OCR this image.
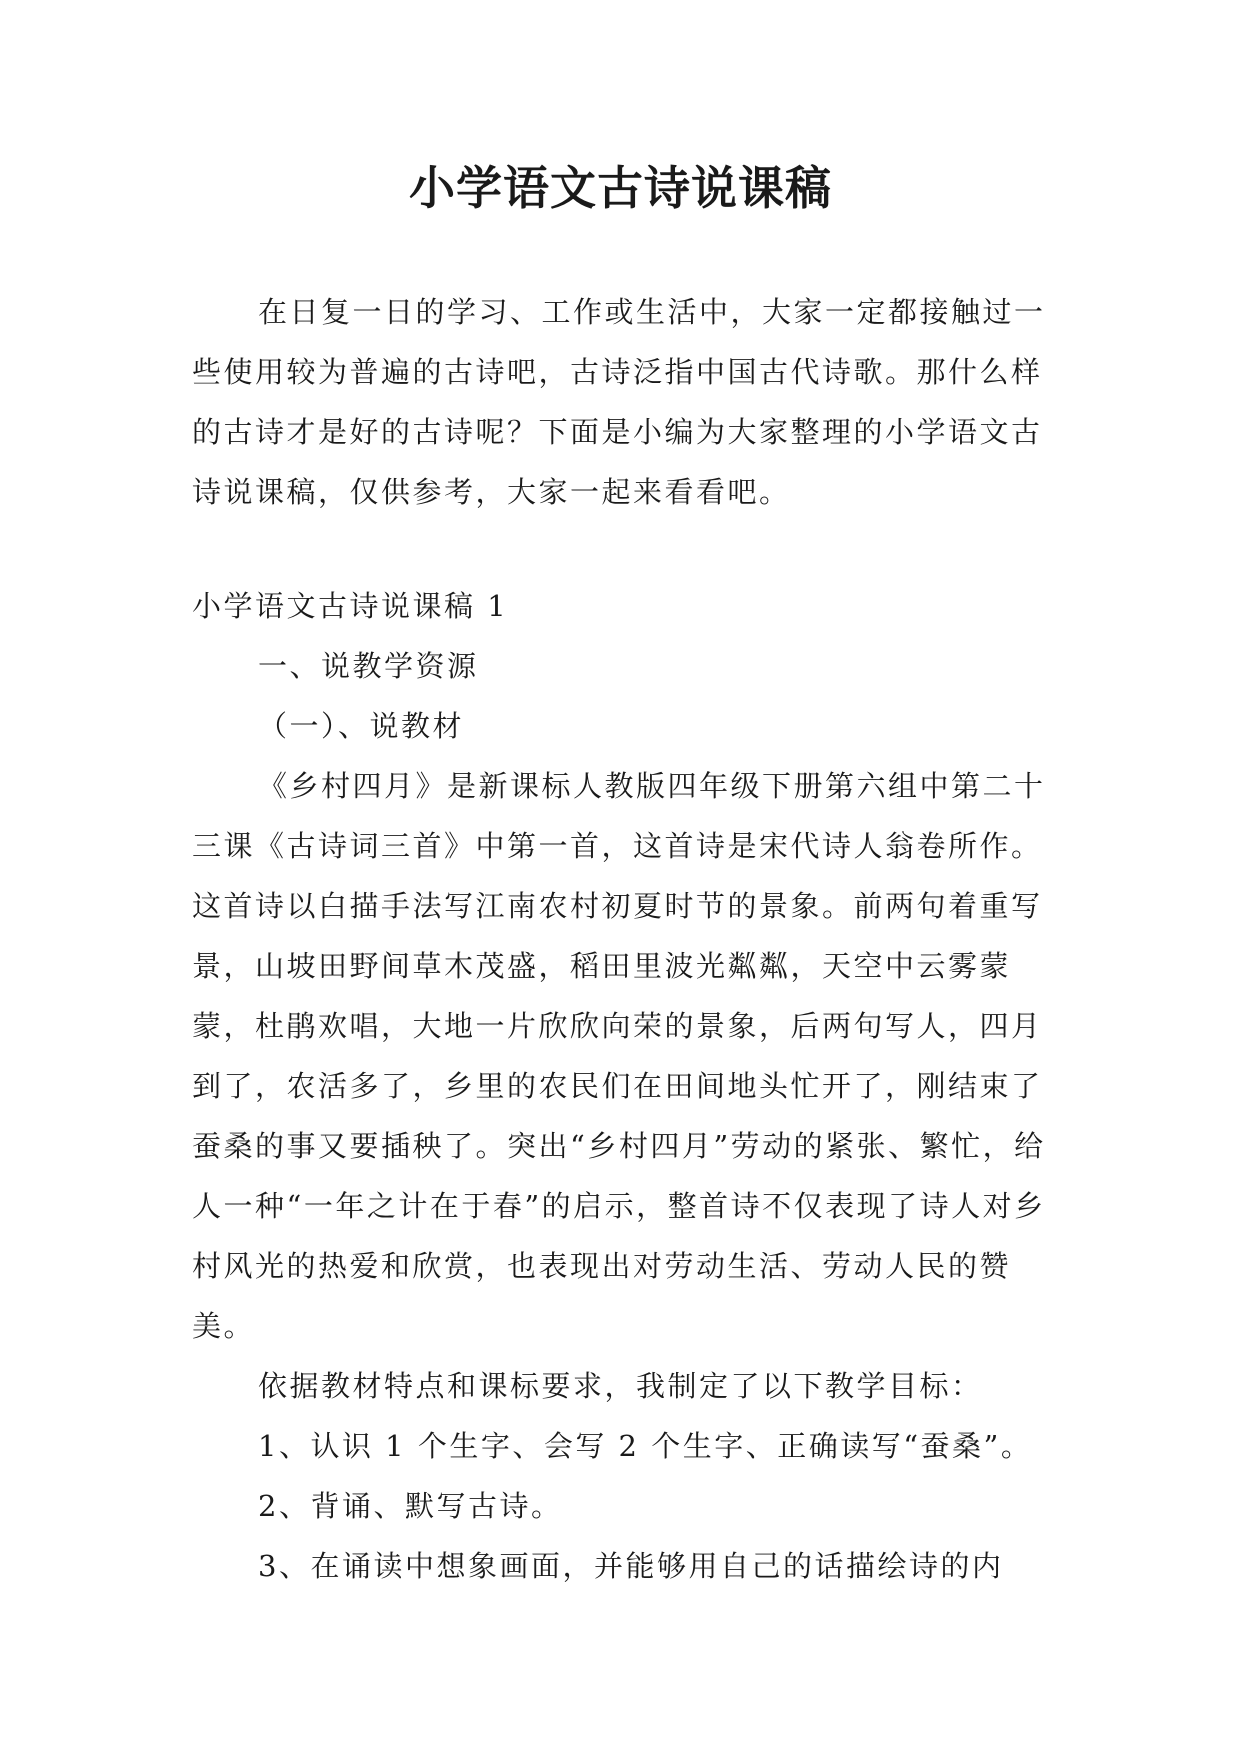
小学语文古诗说课稿

在日复一日的学习、工作或生活中，大家一定都接触过一些使用较为普遍的古诗吧，古诗泛指中国古代诗歌。那什么样的古诗才是好的古诗呢？下面是小编为大家整理的小学语文古诗说课稿，仅供参考，大家一起来看看吧。

小学语文古诗说课稿 1

一、说教学资源

（一）、说教材

《乡村四月》是新课标人教版四年级下册第六组中第二十三课《古诗词三首》中第一首，这首诗是宋代诗人翁卷所作。这首诗以白描手法写江南农村初夏时节的景象。前两句着重写景，山坡田野间草木茂盛，稻田里波光粼粼，天空中云雾蒙蒙，杜鹃欢唱，大地一片欣欣向荣的景象，后两句写人，四月到了，农活多了，乡里的农民们在田间地头忙开了，刚结束了蚕桑的事又要插秧了。突出“乡村四月”劳动的紧张、繁忙，给人一种“一年之计在于春”的启示，整首诗不仅表现了诗人对乡村风光的热爱和欣赏，也表现出对劳动生活、劳动人民的赞美。

依据教材特点和课标要求，我制定了以下教学目标：

1、认识 1 个生字、会写 2 个生字、正确读写“蚕桑”。

2、背诵、默写古诗。

3、在诵读中想象画面，并能够用自己的话描绘诗的内
